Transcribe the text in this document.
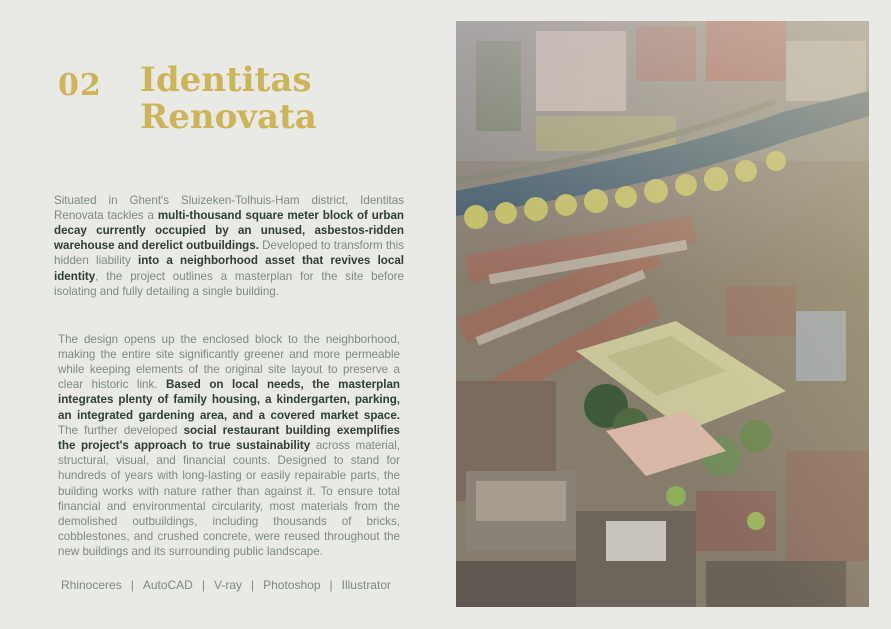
02 Identitas
Renovata

Situated in Ghent's Sluizeken-Tolhuis-Ham district, Identitas Renovata tackles a multi-thousand square meter block of urban decay currently occupied by an unused, asbestos-ridden warehouse and derelict outbuildings. Developed to transform this hidden liability into a neighborhood asset that revives local identity, the project outlines a masterplan for the site before isolating and fully detailing a single building.

The design opens up the enclosed block to the neighborhood, making the entire site significantly greener and more permeable while keeping elements of the original site layout to preserve a clear historic link. Based on local needs, the masterplan integrates plenty of family housing, a kindergarten, parking, an integrated gardening area, and a covered market space. The further developed social restaurant building exemplifies the project's approach to true sustainability across material, structural, visual, and financial counts. Designed to stand for hundreds of years with long-lasting or easily repairable parts, the building works with nature rather than against it. To ensure total financial and environmental circularity, most materials from the demolished outbuildings, including thousands of bricks, cobblestones, and crushed concrete, were reused throughout the new buildings and its surrounding public landscape.

Rhinoceres | AutoCAD | V-ray | Photoshop | Illustrator
